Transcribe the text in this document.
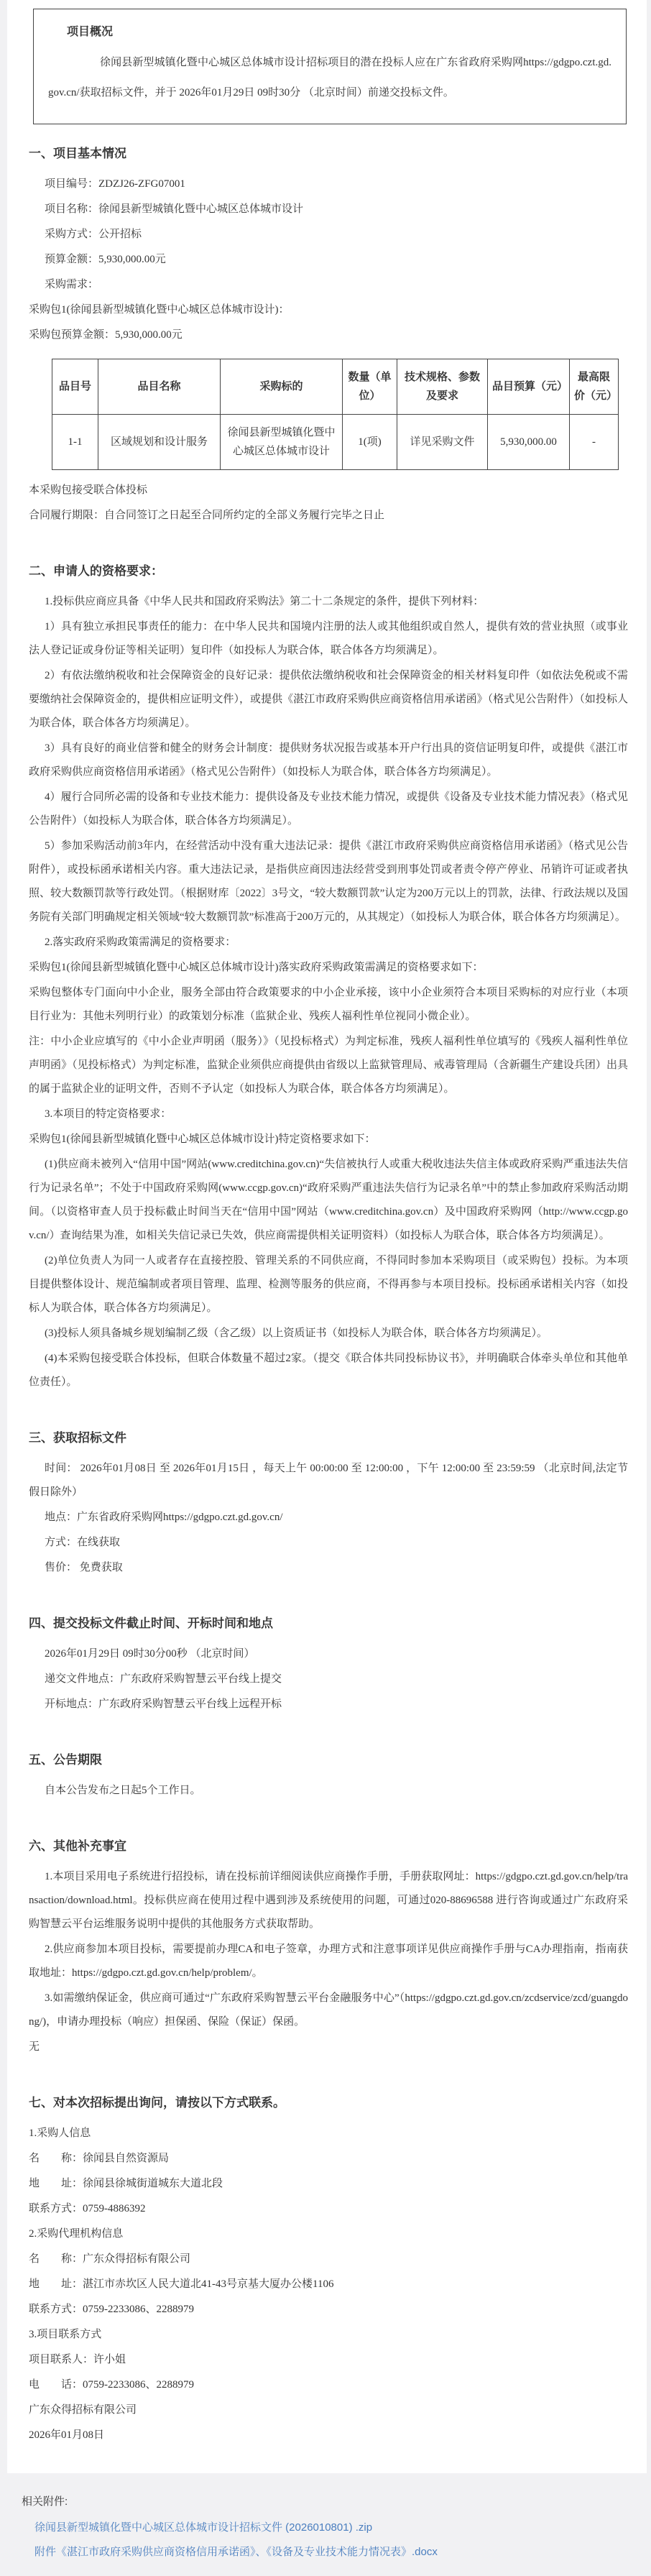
项目概况

徐闻县新型城镇化暨中心城区总体城市设计招标项目的潜在投标人应在广东省政府采购网https://gdgpo.czt.gd.gov.cn/获取招标文件，并于 2026年01月29日 09时30分 （北京时间）前递交投标文件。

一、项目基本情况

项目编号：ZDZJ26-ZFG07001

项目名称：徐闻县新型城镇化暨中心城区总体城市设计

采购方式：公开招标

预算金额：5,930,000.00元

采购需求：

采购包1(徐闻县新型城镇化暨中心城区总体城市设计)：

采购包预算金额：5,930,000.00元

品目号	品目名称	采购标的	数量（单位）	技术规格、参数及要求	品目预算（元）	最高限价（元）
1-1	区域规划和设计服务	徐闻县新型城镇化暨中心城区总体城市设计	1(项)	详见采购文件	5,930,000.00	-

本采购包接受联合体投标

合同履行期限：自合同签订之日起至合同所约定的全部义务履行完毕之日止

二、申请人的资格要求：

1.投标供应商应具备《中华人民共和国政府采购法》第二十二条规定的条件，提供下列材料：

1）具有独立承担民事责任的能力：在中华人民共和国境内注册的法人或其他组织或自然人，提供有效的营业执照（或事业法人登记证或身份证等相关证明）复印件（如投标人为联合体，联合体各方均须满足）。

2）有依法缴纳税收和社会保障资金的良好记录：提供依法缴纳税收和社会保障资金的相关材料复印件（如依法免税或不需要缴纳社会保障资金的，提供相应证明文件），或提供《湛江市政府采购供应商资格信用承诺函》（格式见公告附件）（如投标人为联合体，联合体各方均须满足）。

3）具有良好的商业信誉和健全的财务会计制度：提供财务状况报告或基本开户行出具的资信证明复印件，或提供《湛江市政府采购供应商资格信用承诺函》（格式见公告附件）（如投标人为联合体，联合体各方均须满足）。

4）履行合同所必需的设备和专业技术能力：提供设备及专业技术能力情况，或提供《设备及专业技术能力情况表》（格式见公告附件）（如投标人为联合体，联合体各方均须满足）。

5）参加采购活动前3年内，在经营活动中没有重大违法记录：提供《湛江市政府采购供应商资格信用承诺函》（格式见公告附件），或投标函承诺相关内容。重大违法记录，是指供应商因违法经营受到刑事处罚或者责令停产停业、吊销许可证或者执照、较大数额罚款等行政处罚。（根据财库〔2022〕3号文，“较大数额罚款”认定为200万元以上的罚款，法律、行政法规以及国务院有关部门明确规定相关领域“较大数额罚款”标准高于200万元的，从其规定）（如投标人为联合体，联合体各方均须满足）。

2.落实政府采购政策需满足的资格要求：

采购包1(徐闻县新型城镇化暨中心城区总体城市设计)落实政府采购政策需满足的资格要求如下：

采购包整体专门面向中小企业，服务全部由符合政策要求的中小企业承接，该中小企业须符合本项目采购标的对应行业（本项目行业为：其他未列明行业）的政策划分标准（监狱企业、残疾人福利性单位视同小微企业）。

注：中小企业应填写的《中小企业声明函（服务）》（见投标格式）为判定标准，残疾人福利性单位填写的《残疾人福利性单位声明函》（见投标格式）为判定标准，监狱企业须供应商提供由省级以上监狱管理局、戒毒管理局（含新疆生产建设兵团）出具的属于监狱企业的证明文件，否则不予认定（如投标人为联合体，联合体各方均须满足）。

3.本项目的特定资格要求：

采购包1(徐闻县新型城镇化暨中心城区总体城市设计)特定资格要求如下：

(1)供应商未被列入“信用中国”网站(www.creditchina.gov.cn)“失信被执行人或重大税收违法失信主体或政府采购严重违法失信行为记录名单”；不处于中国政府采购网(www.ccgp.gov.cn)“政府采购严重违法失信行为记录名单”中的禁止参加政府采购活动期间。（以资格审查人员于投标截止时间当天在“信用中国”网站（www.creditchina.gov.cn）及中国政府采购网（http://www.ccgp.gov.cn/）查询结果为准，如相关失信记录已失效，供应商需提供相关证明资料）（如投标人为联合体，联合体各方均须满足）。

(2)单位负责人为同一人或者存在直接控股、管理关系的不同供应商，不得同时参加本采购项目（或采购包）投标。为本项目提供整体设计、规范编制或者项目管理、监理、检测等服务的供应商，不得再参与本项目投标。投标函承诺相关内容（如投标人为联合体，联合体各方均须满足）。

(3)投标人须具备城乡规划编制乙级（含乙级）以上资质证书（如投标人为联合体，联合体各方均须满足）。

(4)本采购包接受联合体投标，但联合体数量不超过2家。（提交《联合体共同投标协议书》，并明确联合体牵头单位和其他单位责任）。

三、获取招标文件

时间： 2026年01月08日 至 2026年01月15日 ，每天上午 00:00:00 至 12:00:00 ，下午 12:00:00 至 23:59:59 （北京时间,法定节假日除外）

地点：广东省政府采购网https://gdgpo.czt.gd.gov.cn/

方式：在线获取

售价： 免费获取

四、提交投标文件截止时间、开标时间和地点

2026年01月29日 09时30分00秒 （北京时间）

递交文件地点：广东政府采购智慧云平台线上提交

开标地点：广东政府采购智慧云平台线上远程开标

五、公告期限

自本公告发布之日起5个工作日。

六、其他补充事宜

1.本项目采用电子系统进行招投标，请在投标前详细阅读供应商操作手册，手册获取网址：https://gdgpo.czt.gd.gov.cn/help/transaction/download.html。投标供应商在使用过程中遇到涉及系统使用的问题，可通过020-88696588 进行咨询或通过广东政府采购智慧云平台运维服务说明中提供的其他服务方式获取帮助。

2.供应商参加本项目投标，需要提前办理CA和电子签章，办理方式和注意事项详见供应商操作手册与CA办理指南，指南获取地址：https://gdgpo.czt.gd.gov.cn/help/problem/。

3.如需缴纳保证金，供应商可通过“广东政府采购智慧云平台金融服务中心”（https://gdgpo.czt.gd.gov.cn/zcdservice/zcd/guangdong/)，申请办理投标（响应）担保函、保险（保证）保函。

无

七、对本次招标提出询问，请按以下方式联系。

1.采购人信息

名　　称：徐闻县自然资源局

地　　址：徐闻县徐城街道城东大道北段

联系方式：0759-4886392

2.采购代理机构信息

名　　称：广东众得招标有限公司

地　　址：湛江市赤坎区人民大道北41-43号京基大厦办公楼1106

联系方式：0759-2233086、2288979

3.项目联系方式

项目联系人：许小姐

电　　话：0759-2233086、2288979

广东众得招标有限公司

2026年01月08日

相关附件:

徐闻县新型城镇化暨中心城区总体城市设计招标文件 (2026010801) .zip
附件《湛江市政府采购供应商资格信用承诺函》、《设备及专业技术能力情况表》.docx
